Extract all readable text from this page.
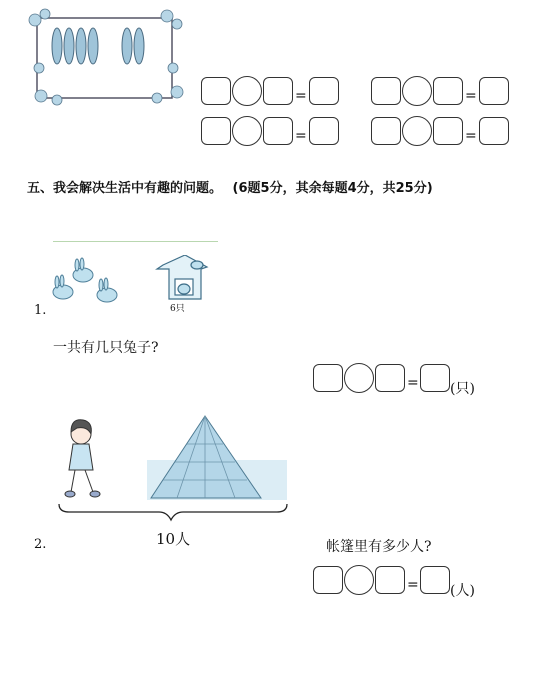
=	=
=	=
五、我会解决生活中有趣的问题。 (6题5分，其余每题4分，共25分)
6只
1.
一共有几只兔子?
= (只)
10人
2.	帐篷里有多少人?
= (人)
